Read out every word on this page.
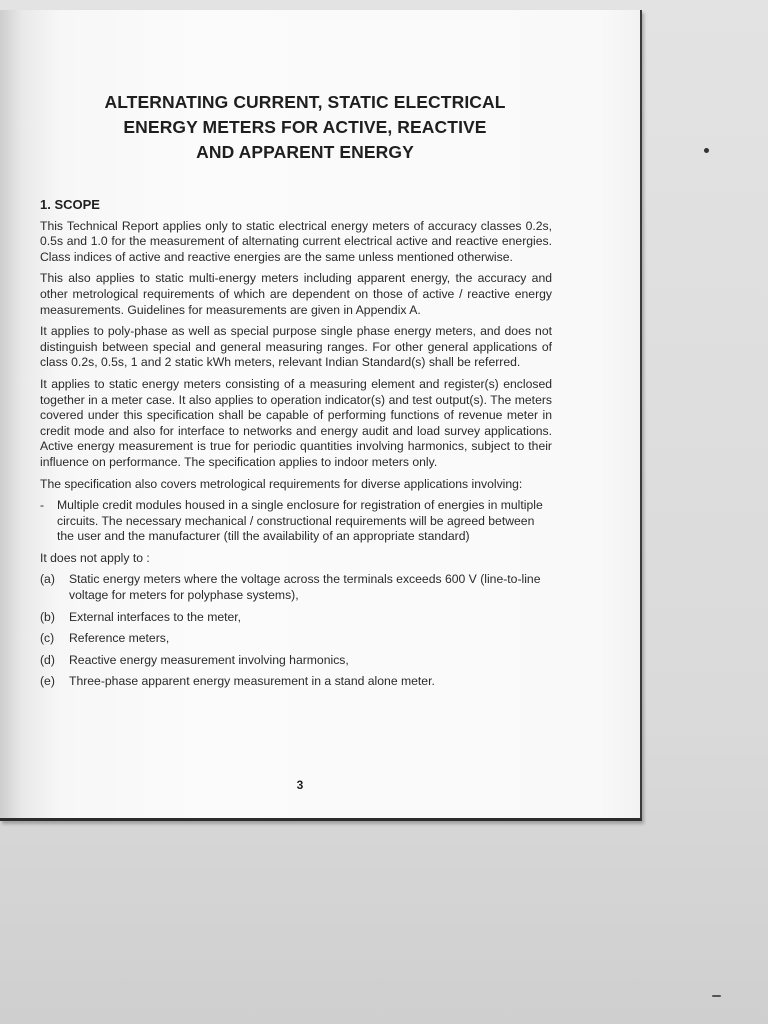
ALTERNATING CURRENT, STATIC ELECTRICAL
ENERGY METERS FOR ACTIVE, REACTIVE
AND APPARENT ENERGY
1. SCOPE

This Technical Report applies only to static electrical energy meters of accuracy classes 0.2s, 0.5s and 1.0 for the measurement of alternating current electrical active and reactive energies. Class indices of active and reactive energies are the same unless mentioned otherwise.

This also applies to static multi-energy meters including apparent energy, the accuracy and other metrological requirements of which are dependent on those of active / reactive energy measurements. Guidelines for measurements are given in Appendix A.

It applies to poly-phase as well as special purpose single phase energy meters, and does not distinguish between special and general measuring ranges. For other general applications of class 0.2s, 0.5s, 1 and 2 static kWh meters, relevant Indian Standard(s) shall be referred.

It applies to static energy meters consisting of a measuring element and register(s) enclosed together in a meter case. It also applies to operation indicator(s) and test output(s). The meters covered under this specification shall be capable of performing functions of revenue meter in credit mode and also for interface to networks and energy audit and load survey applications. Active energy measurement is true for periodic quantities involving harmonics, subject to their influence on performance. The specification applies to indoor meters only.

The specification also covers metrological requirements for diverse applications involving:

-	Multiple credit modules housed in a single enclosure for registration of energies in multiple circuits. The necessary mechanical / constructional requirements will be agreed between the user and the manufacturer (till the availability of an appropriate standard)

It does not apply to :

(a)	Static energy meters where the voltage across the terminals exceeds 600 V (line-to-line voltage for meters for polyphase systems),
(b)	External interfaces to the meter,
(c)	Reference meters,
(d)	Reactive energy measurement involving harmonics,
(e)	Three-phase apparent energy measurement in a stand alone meter.
3
